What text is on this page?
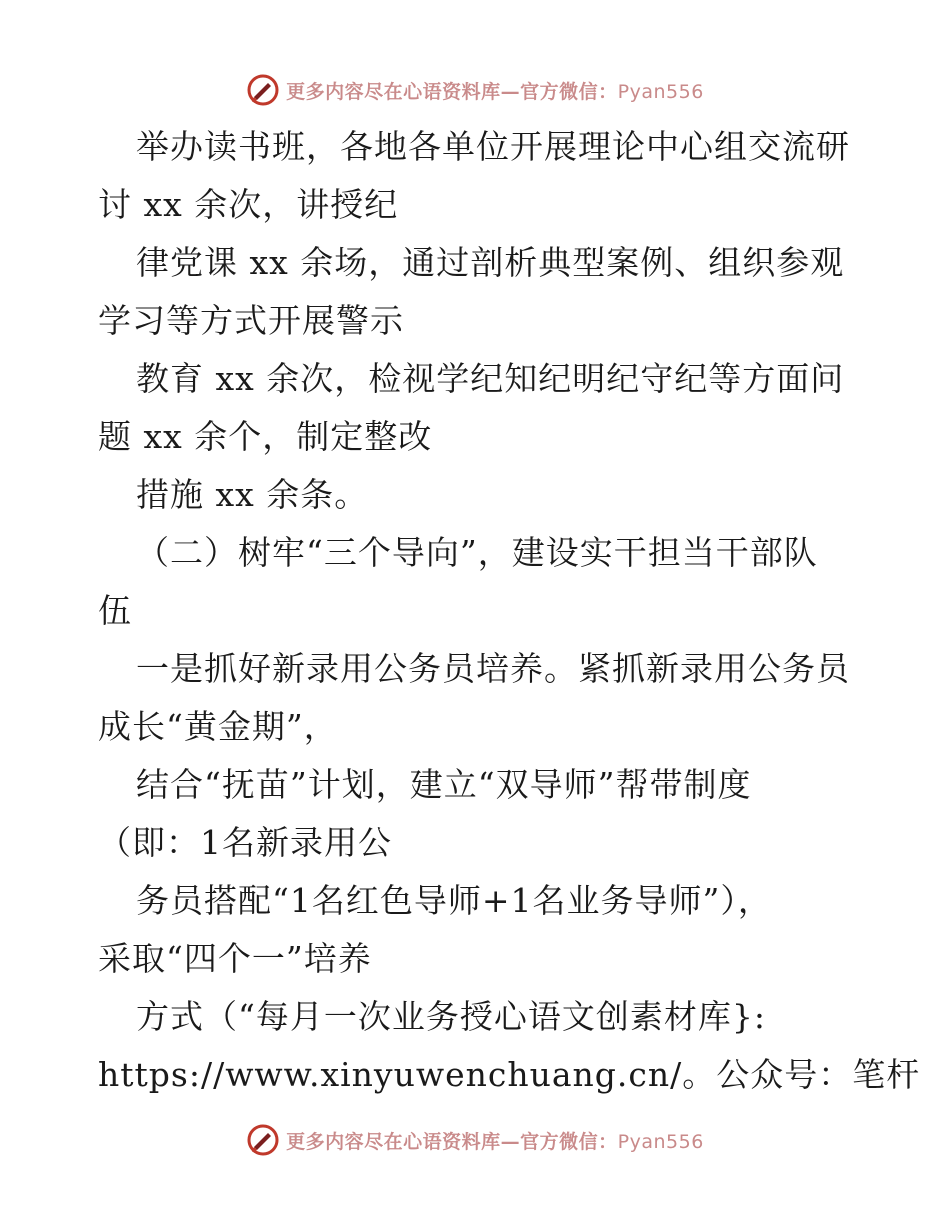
更多内容尽在心语资料库—官方微信：Pyan556
举办读书班，各地各单位开展理论中心组交流研
讨 xx 余次，讲授纪
律党课 xx 余场，通过剖析典型案例、组织参观
学习等方式开展警示
教育 xx 余次，检视学纪知纪明纪守纪等方面问
题 xx 余个，制定整改
措施 xx 余条。
（二）树牢“三个导向”，建设实干担当干部队
伍
一是抓好新录用公务员培养。紧抓新录用公务员
成长“黄金期”，
结合“抚苗”计划，建立“双导师”帮带制度
（即：1名新录用公
务员搭配“1名红色导师+1名业务导师”），
采取“四个一”培养
方式（“每月一次业务授心语文创素材库}:
https://www.xinyuwenchuang.cn/。公众号：笔杆
更多内容尽在心语资料库—官方微信：Pyan556
